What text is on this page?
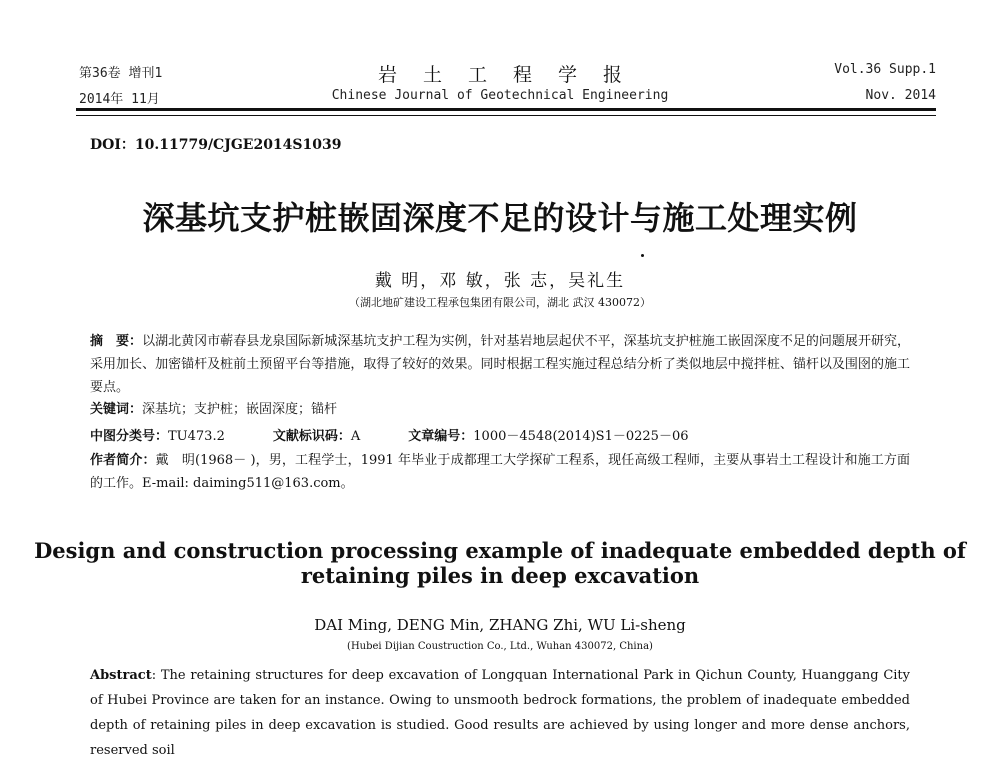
第36卷 增刊1
2014年 11月
岩土工程学报
Chinese Journal of Geotechnical Engineering
Vol.36 Supp.1
Nov. 2014
DOI：10.11779/CJGE2014S1039
深基坑支护桩嵌固深度不足的设计与施工处理实例
戴 明，邓 敏，张 志，吴礼生
（湖北地矿建设工程承包集团有限公司，湖北 武汉 430072）
摘　要：以湖北黄冈市蕲春县龙泉国际新城深基坑支护工程为实例，针对基岩地层起伏不平，深基坑支护桩施工嵌固深度不足的问题展开研究，采用加长、加密锚杆及桩前土预留平台等措施，取得了较好的效果。同时根据工程实施过程总结分析了类似地层中搅拌桩、锚杆以及围囹的施工要点。
关键词：深基坑；支护桩；嵌固深度；锚杆
中图分类号：TU473.2	文献标识码：A	文章编号：1000－4548(2014)S1－0225－06
作者简介：戴　明(1968－ )，男，工程学士，1991 年毕业于成都理工大学探矿工程系，现任高级工程师，主要从事岩土工程设计和施工方面的工作。E-mail: daiming511@163.com。
Design and construction processing example of inadequate embedded depth of retaining piles in deep excavation
DAI Ming, DENG Min, ZHANG Zhi, WU Li-sheng
(Hubei Dijian Coustruction Co., Ltd., Wuhan 430072, China)
Abstract: The retaining structures for deep excavation of Longquan International Park in Qichun County, Huanggang City of Hubei Province are taken for an instance. Owing to unsmooth bedrock formations, the problem of inadequate embedded depth of retaining piles in deep excavation is studied. Good results are achieved by using longer and more dense anchors, reserved soil
